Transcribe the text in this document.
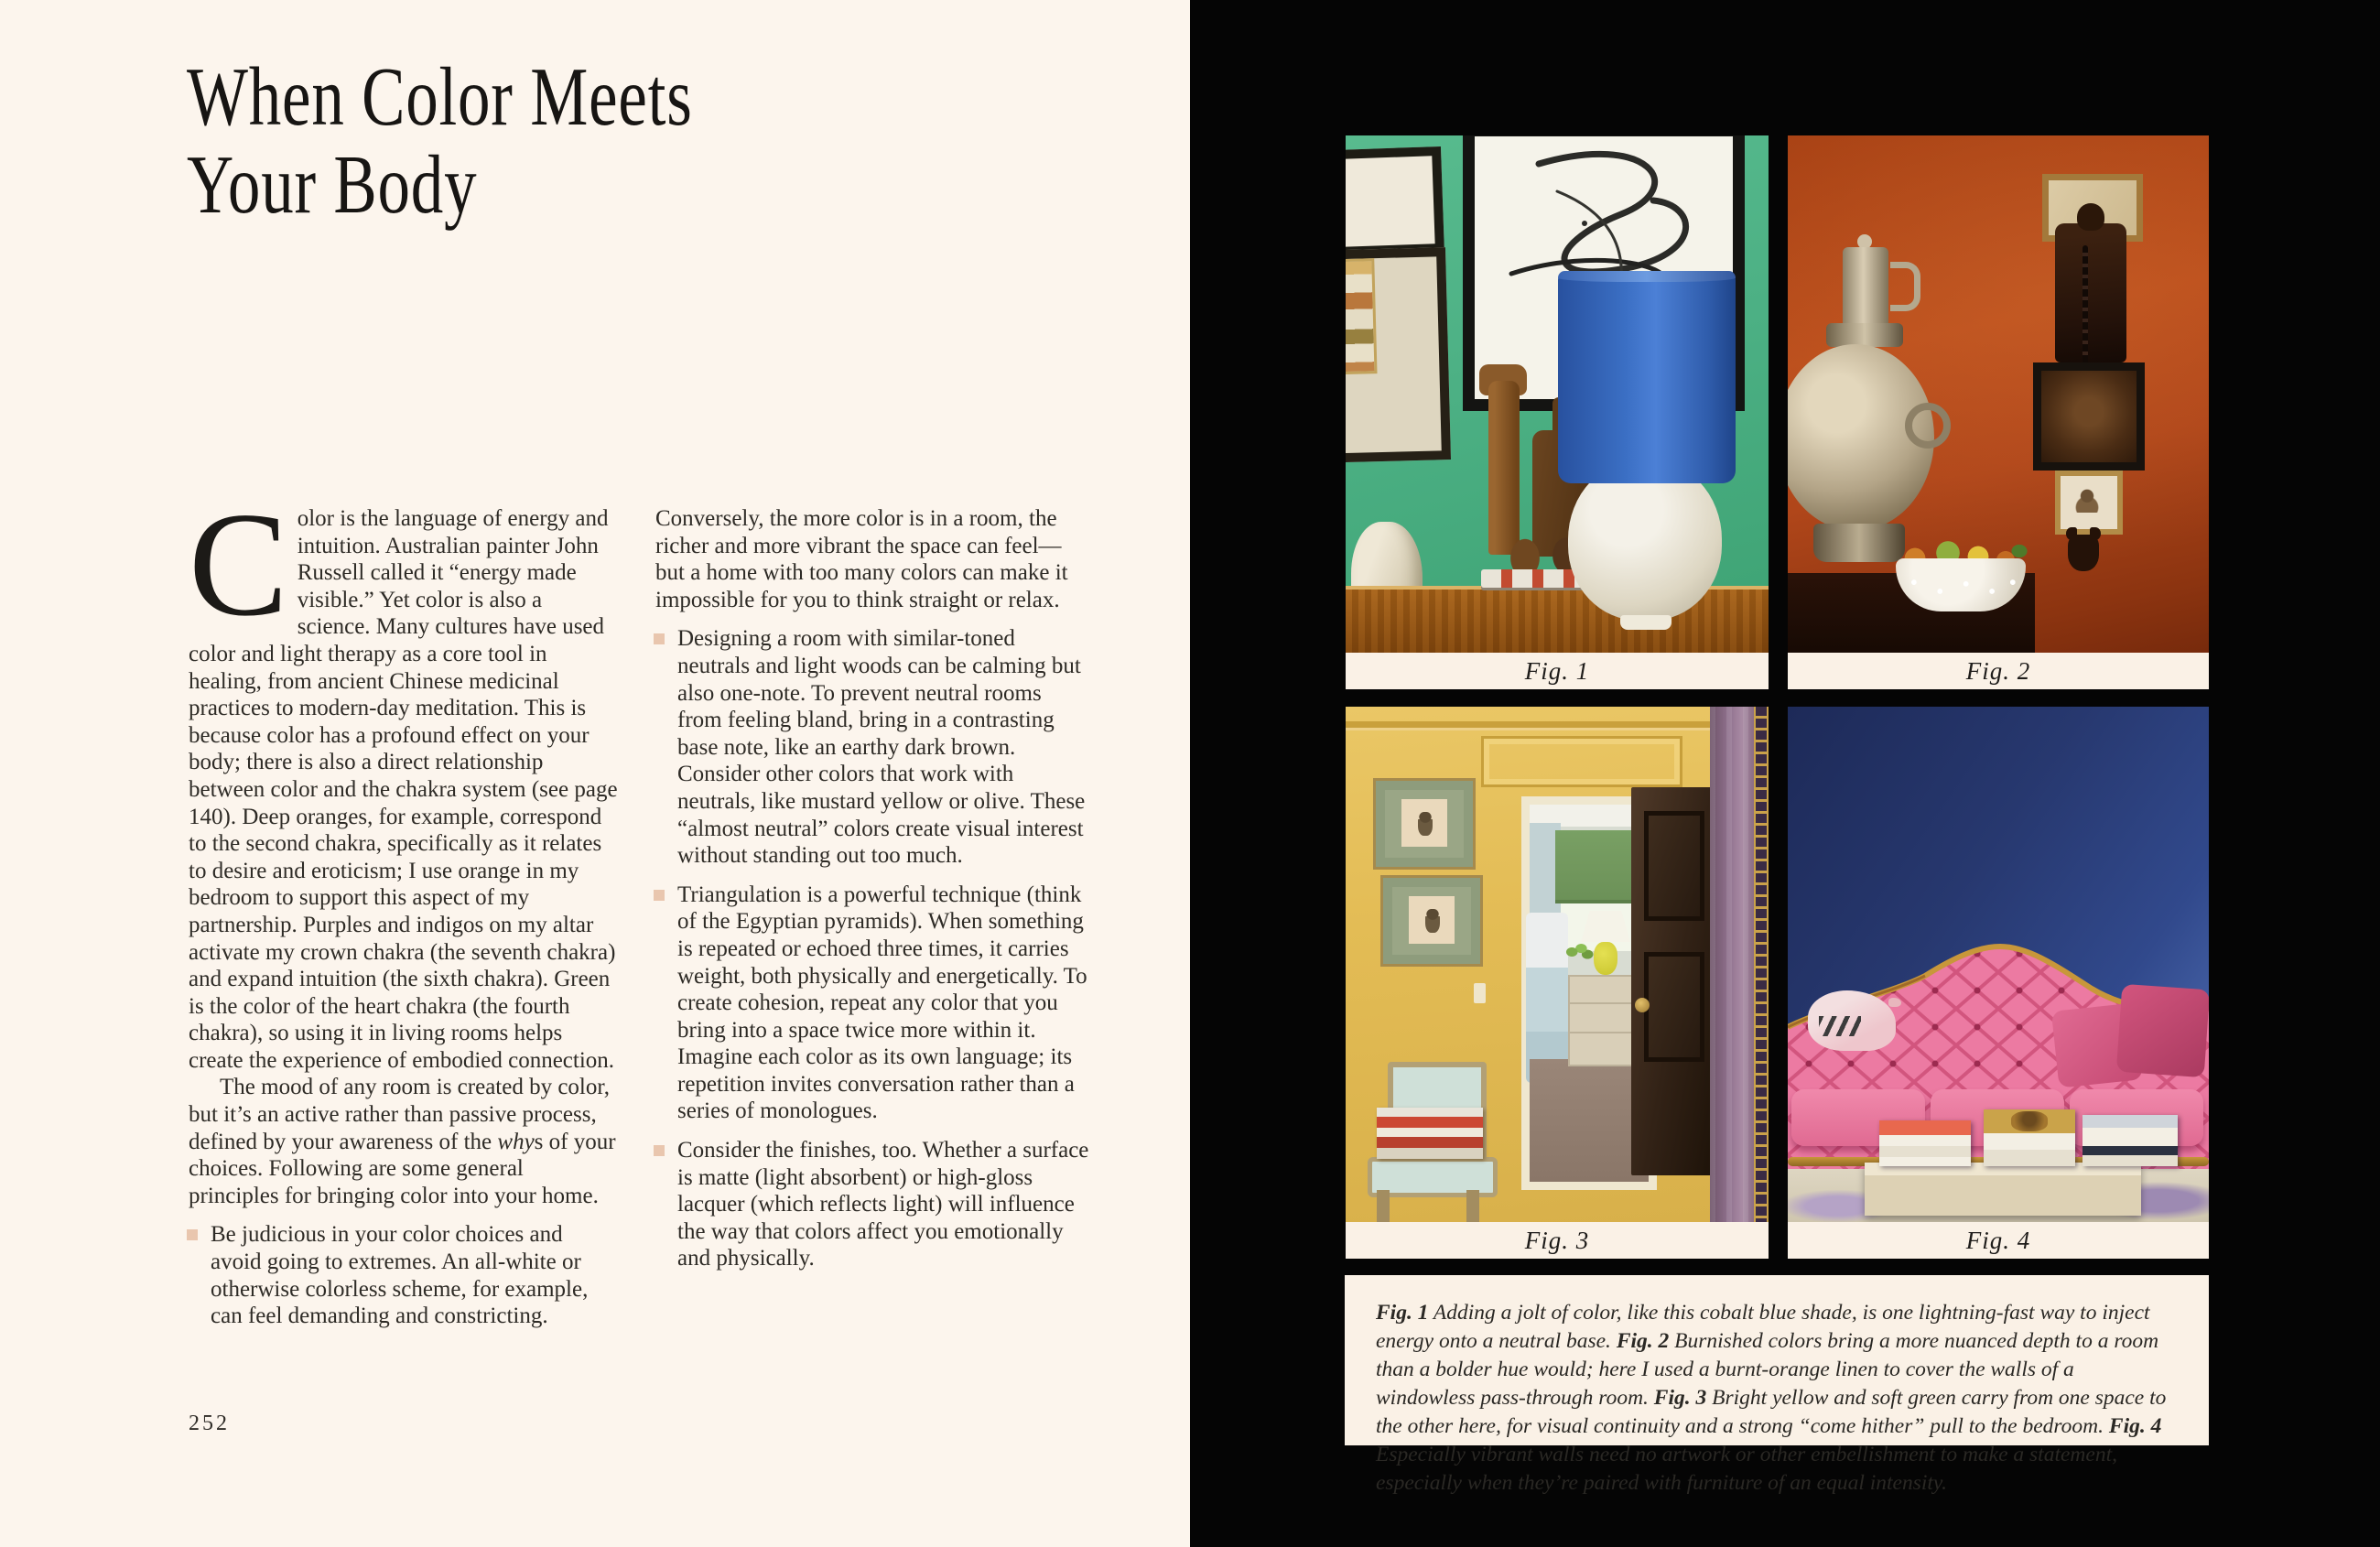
When Color Meets
Your Body

Color is the language of energy and intuition. Australian painter John Russell called it “energy made visible.” Yet color is also a science. Many cultures have used color and light therapy as a core tool in healing, from ancient Chinese medicinal practices to modern-day meditation. This is because color has a profound effect on your body; there is also a direct relationship between color and the chakra system (see page 140). Deep oranges, for example, correspond to the second chakra, specifically as it relates to desire and eroticism; I use orange in my bedroom to support this aspect of my partnership. Purples and indigos on my altar activate my crown chakra (the seventh chakra) and expand intuition (the sixth chakra). Green is the color of the heart chakra (the fourth chakra), so using it in living rooms helps create the experience of embodied connection.

The mood of any room is created by color, but it’s an active rather than passive process, defined by your awareness of the whys of your choices. Following are some general principles for bringing color into your home.

Be judicious in your color choices and avoid going to extremes. An all-white or otherwise colorless scheme, for example, can feel demanding and constricting.

Conversely, the more color is in a room, the richer and more vibrant the space can feel—but a home with too many colors can make it impossible for you to think straight or relax.

Designing a room with similar-toned neutrals and light woods can be calming but also one-note. To prevent neutral rooms from feeling bland, bring in a contrasting base note, like an earthy dark brown. Consider other colors that work with neutrals, like mustard yellow or olive. These “almost neutral” colors create visual interest without standing out too much.

Triangulation is a powerful technique (think of the Egyptian pyramids). When something is repeated or echoed three times, it carries weight, both physically and energetically. To create cohesion, repeat any color that you bring into a space twice more within it. Imagine each color as its own language; its repetition invites conversation rather than a series of monologues.

Consider the finishes, too. Whether a surface is matte (light absorbent) or high-gloss lacquer (which reflects light) will influence the way that colors affect you emotionally and physically.

252
Fig. 1	Fig. 2
Fig. 3	Fig. 4
Fig. 1 Adding a jolt of color, like this cobalt blue shade, is one lightning-fast way to inject energy onto a neutral base. Fig. 2 Burnished colors bring a more nuanced depth to a room than a bolder hue would; here I used a burnt-orange linen to cover the walls of a windowless pass-through room. Fig. 3 Bright yellow and soft green carry from one space to the other here, for visual continuity and a strong “come hither” pull to the bedroom. Fig. 4 Especially vibrant walls need no artwork or other embellishment to make a statement, especially when they’re paired with furniture of an equal intensity.
